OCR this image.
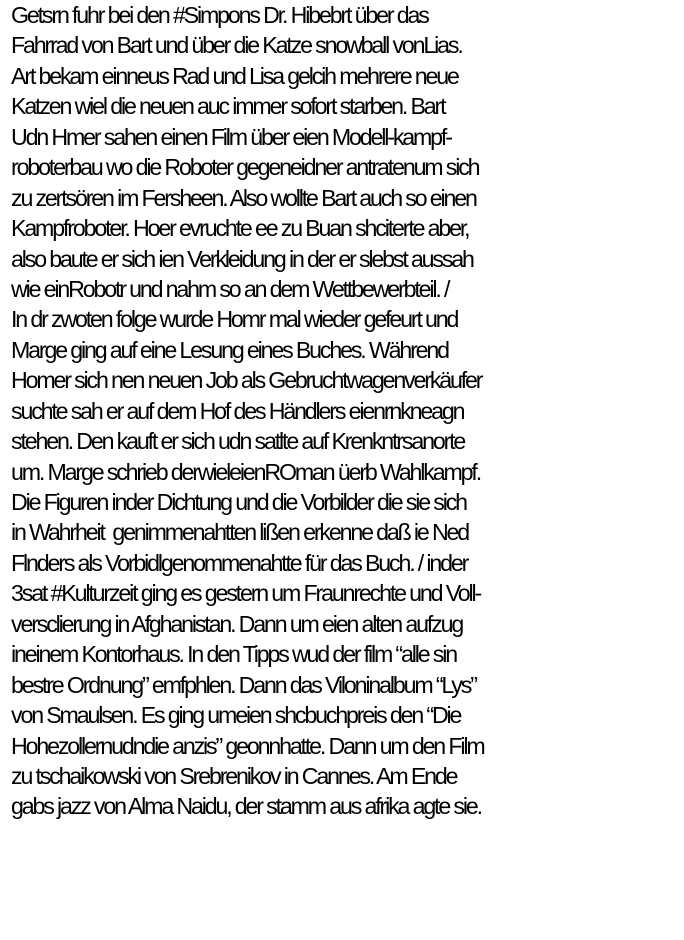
Getsrn fuhr bei den #Simpons Dr. Hibebrt über das
Fahrrad von Bart und über die Katze snowball vonLias.
Art bekam einneus Rad und Lisa gelcih mehrere neue
Katzen wiel die neuen auc immer sofort starben. Bart
Udn Hmer sahen einen Film über eien Modell-kampf-
roboterbau wo die Roboter gegeneidner antratenum sich
zu zertsören im Fersheen. Also wollte Bart auch so einen
Kampfroboter. Hoer evruchte ee zu Buan shciterte aber,
also baute er sich ien Verkleidung in der er slebst aussah
wie einRobotr und nahm so an dem Wettbewerbteil. /
In dr zwoten folge wurde Homr mal wieder gefeurt und
Marge ging auf eine Lesung eines Buches. Während
Homer sich nen neuen Job als Gebruchtwagenverkäufer
suchte sah er auf dem Hof des Händlers eienrnkneagn
stehen. Den kauft er sich udn satlte auf Krenkntrsanorte
um. Marge schrieb derwieleienROman üerb Wahlkampf.
Die Figuren inder Dichtung und die Vorbilder die sie sich
in Wahrheit  genimmenahtten lißen erkenne daß ie Ned
Flnders als Vorbidlgenommenahtte für das Buch. / inder
3sat #Kulturzeit ging es gestern um Fraunrechte und Voll-
versclierung in Afghanistan. Dann um eien alten aufzug
ineinem Kontorhaus. In den Tipps wud der film “alle sin
bestre Ordnung” emfphlen. Dann das Viloninalbum “Lys”
von Smaulsen. Es ging umeien shcbuchpreis den “Die
Hohezollernudndie anzis” geonnhatte. Dann um den Film
zu tschaikowski von Srebrenikov in Cannes. Am Ende
gabs jazz von Alma Naidu, der stamm aus afrika agte sie.
